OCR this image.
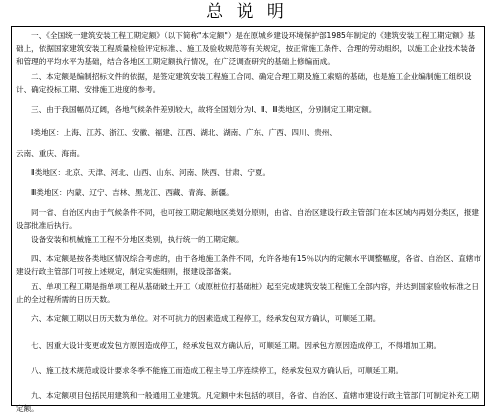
总 说 明
一、《全国统一建筑安装工程工期定额》（以下简称"本定额"）是在原城乡建设环境保护部1985年制定的《建筑安装工程工期定额》基础上，依据国家建筑安装工程质量检验评定标准、、施工及验收规范等有关规定，按正常施工条件、合理的劳动组织，以施工企业技术装备和管理的平均水平为基础，结合各地区工期定额执行情况，在广泛调查研究的基础上修编而成。
二、本定额是编制招标文件的依据，是签定建筑安装工程施工合同、确定合理工期及施工索赔的基础，也是施工企业编制施工组织设计、确定投标工期、安排施工进度的参考。
三、由于我国幅员辽阔，各地气候条件差别较大，故将全国划分为Ⅰ、Ⅱ、Ⅲ类地区，分别制定工期定额。
Ⅰ类地区：上海、江苏、浙江、安徽、福建、江西、湖北、湖南、广东、广西、四川、贵州、
云南、重庆、海南。
Ⅱ类地区：北京、天津、河北、山西、山东、河南、陕西、甘肃、宁夏。
Ⅲ类地区：内蒙、辽宁、吉林、黑龙江、西藏、青海、新疆。
同一省、自治区内由于气候条件不同，也可按工期定额地区类划分原则，由省、自治区建设行政主管部门在本区域内再划分类区，报建设部批准后执行。
设备安装和机械施工工程不分地区类别，执行统一的工期定额。
四、本定额是按各类地区情况综合考虑的，由于各地施工条件不同，允许各地有15％以内的定额水平调整幅度，各省、自治区、直辖市建设行政主管部门可按上述规定，制定实施细则，报建设部备案。
五、单项工程工期是指单项工程从基础破土开工（或原桩位打基础桩）起至完成建筑安装工程施工全部内容，并达到国家验收标准之日止的全过程所需的日历天数。
六、本定额工期以日历天数为单位。对不可抗力的因素造成工程停工，经承发包双方确认，可顺延工期。
七、因重大设计变更或发包方原因造成停工，经承发包双方确认后，可顺延工期。因承包方原因造成停工，不得增加工期。
八、施工技术规范或设计要求冬季不能施工而造成工程主导工序连续停工，经承发包双方确认后，可顺延工期。
九、本定额项目包括民用建筑和一般通用工业建筑。凡定额中未包括的项目，各省、自治区、直辖市建设行政主管部门可制定补充工期定额。
